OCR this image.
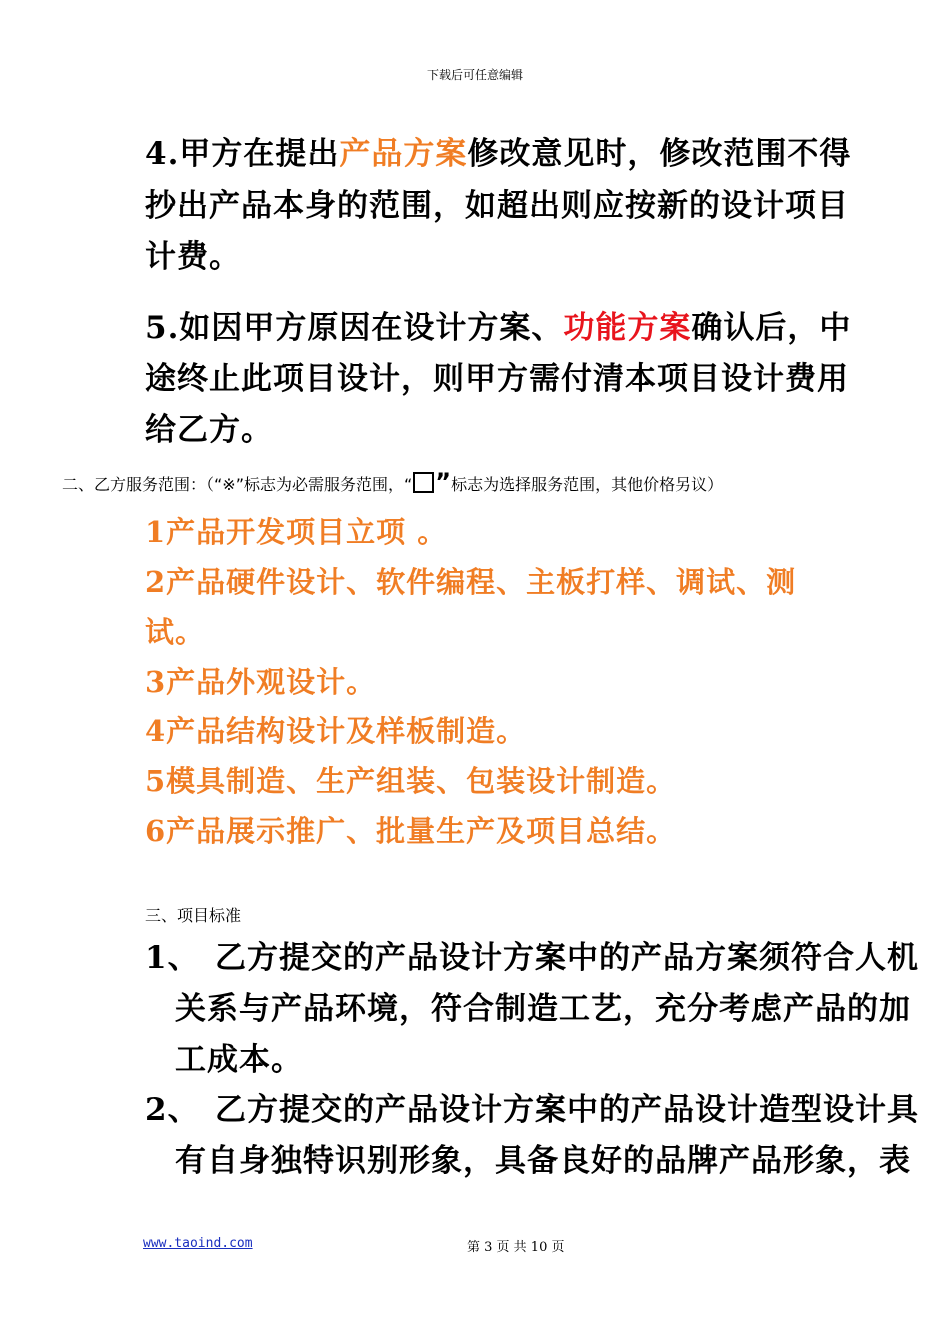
下载后可任意编辑
4.甲方在提出产品方案修改意见时，修改范围不得
抄出产品本身的范围，如超出则应按新的设计项目
计费。
5.如因甲方原因在设计方案、功能方案确认后，中
途终止此项目设计，则甲方需付清本项目设计费用
给乙方。
二、乙方服务范围：（“※”标志为必需服务范围，“ ”标志为选择服务范围，其他价格另议）
1产品开发项目立项 。
2产品硬件设计、软件编程、主板打样、调试、测
试。
3产品外观设计。
4产品结构设计及样板制造。
5模具制造、生产组装、包装设计制造。
6产品展示推广、批量生产及项目总结。
三、项目标准
1、 乙方提交的产品设计方案中的产品方案须符合人机
关系与产品环境，符合制造工艺，充分考虑产品的加
工成本。
2、 乙方提交的产品设计方案中的产品设计造型设计具
有自身独特识别形象，具备良好的品牌产品形象，表
www.taoind.com	第 3 页 共 10 页
